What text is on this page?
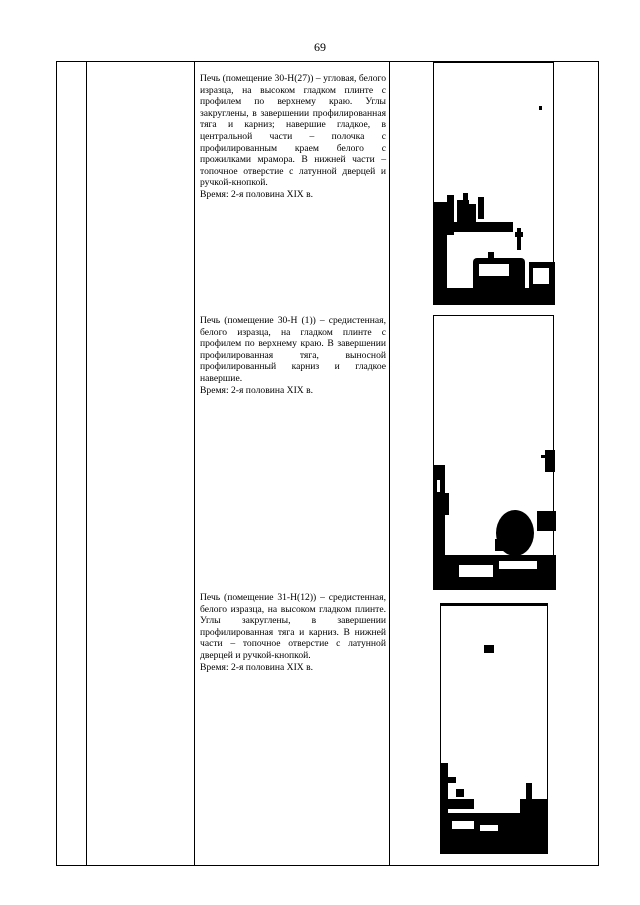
69

Печь (помещение 30-Н(27)) – угловая, белого изразца, на высоком гладком плинте с профилем по верхнему краю. Углы закруглены, в завершении профилированная тяга и карниз; навершие гладкое, в центральной части – полочка с профилированным краем белого с прожилками мрамора. В нижней части – топочное отверстие с латунной дверцей и ручкой-кнопкой.

Время: 2-я половина XIX в.

Печь (помещение 30-Н (1)) – средистенная, белого изразца, на гладком плинте с профилем по верхнему краю. В завершении профилированная тяга, выносной профилированный карниз и гладкое навершие.

Время: 2-я половина XIX в.

Печь (помещение 31-Н(12)) – средистенная, белого изразца, на высоком гладком плинте. Углы закруглены, в завершении профилированная тяга и карниз. В нижней части – топочное отверстие с латунной дверцей и ручкой-кнопкой.

Время: 2-я половина XIX в.
